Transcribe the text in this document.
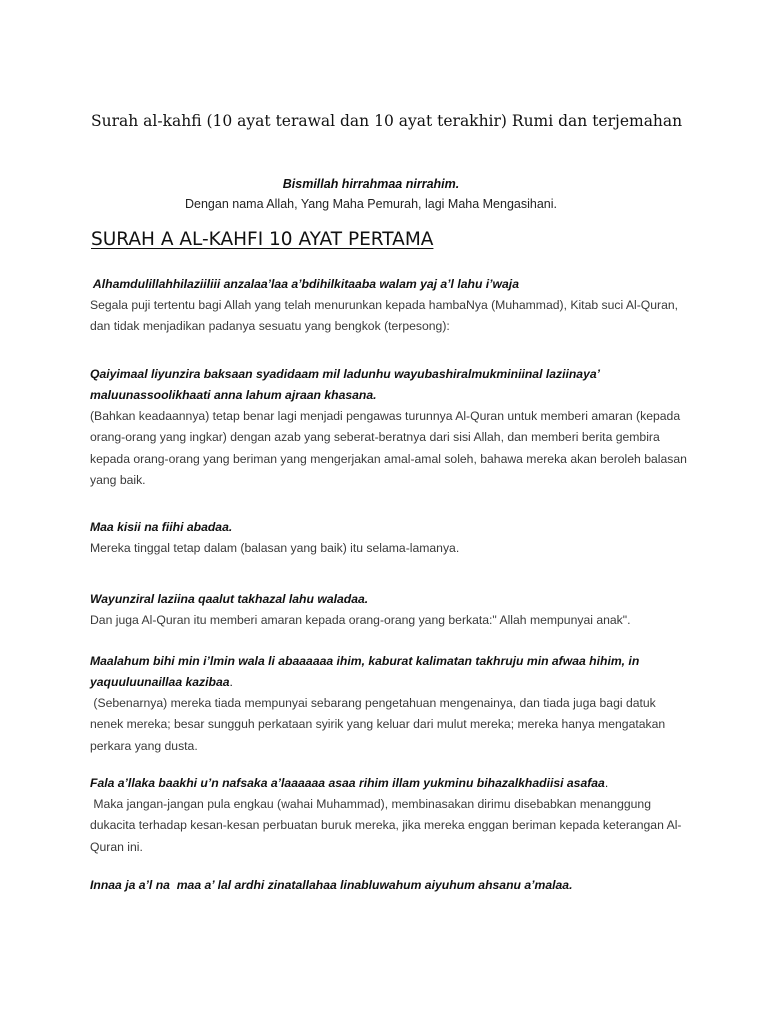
Surah al-kahfi (10 ayat terawal dan 10 ayat terakhir) Rumi dan terjemahan
Bismillah hirrahmaa nirrahim.
Dengan nama Allah, Yang Maha Pemurah, lagi Maha Mengasihani.
SURAH A AL-KAHFI 10 AYAT PERTAMA
Alhamdulillahhilaziiliii anzalaa’laa a’bdihilkitaaba walam yaj a’l lahu i’waja
Segala puji tertentu bagi Allah yang telah menurunkan kepada hambaNya (Muhammad), Kitab suci Al-Quran, dan tidak menjadikan padanya sesuatu yang bengkok (terpesong):
Qaiyimaal liyunzira baksaan syadidaam mil ladunhu wayubashiralmukminiinal laziinaya’ maluunassoolikhaati anna lahum ajraan khasana.
(Bahkan keadaannya) tetap benar lagi menjadi pengawas turunnya Al-Quran untuk memberi amaran (kepada orang-orang yang ingkar) dengan azab yang seberat-beratnya dari sisi Allah, dan memberi berita gembira kepada orang-orang yang beriman yang mengerjakan amal-amal soleh, bahawa mereka akan beroleh balasan yang baik.
Maa kisii na fiihi abadaa.
Mereka tinggal tetap dalam (balasan yang baik) itu selama-lamanya.
Wayunziral laziina qaalut takhazal lahu waladaa.
Dan juga Al-Quran itu memberi amaran kepada orang-orang yang berkata:" Allah mempunyai anak".
Maalahum bihi min i’lmin wala li abaaaaaa ihim, kaburat kalimatan takhruju min afwaa hihim, in yaquuluunaillaa kazibaa.
(Sebenarnya) mereka tiada mempunyai sebarang pengetahuan mengenainya, dan tiada juga bagi datuk nenek mereka; besar sungguh perkataan syirik yang keluar dari mulut mereka; mereka hanya mengatakan perkara yang dusta.
Fala a’llaka baakhi u’n nafsaka a’laaaaaa asaa rihim illam yukminu bihazalkhadiisi asafaa.
Maka jangan-jangan pula engkau (wahai Muhammad), membinasakan dirimu disebabkan menanggung dukacita terhadap kesan-kesan perbuatan buruk mereka, jika mereka enggan beriman kepada keterangan Al-Quran ini.
Innaa ja a’l na  maa a’ lal ardhi zinatallahaa linabluwahum aiyuhum ahsanu a’malaa.
